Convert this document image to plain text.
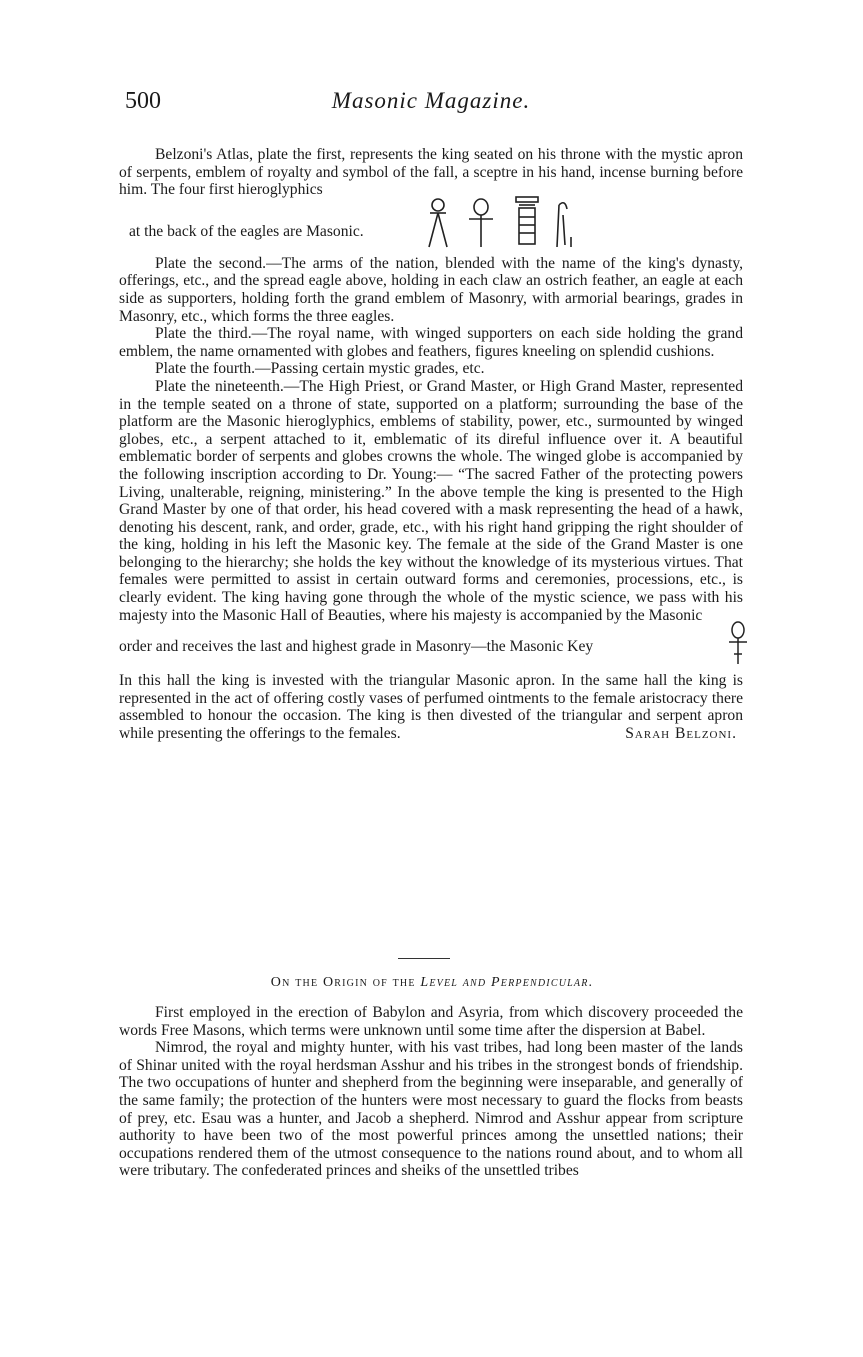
500	Masonic Magazine.

Belzoni's Atlas, plate the first, represents the king seated on his throne with the mystic apron of serpents, emblem of royalty and symbol of the fall, a sceptre in his hand, incense burning before him. The four first hieroglyphics

at the back of the eagles are Masonic.

Plate the second.—The arms of the nation, blended with the name of the king's dynasty, offerings, etc., and the spread eagle above, holding in each claw an ostrich feather, an eagle at each side as supporters, holding forth the grand emblem of Masonry, with armorial bearings, grades in Masonry, etc., which forms the three eagles.

Plate the third.—The royal name, with winged supporters on each side holding the grand emblem, the name ornamented with globes and feathers, figures kneeling on splendid cushions.

Plate the fourth.—Passing certain mystic grades, etc.

Plate the nineteenth.—The High Priest, or Grand Master, or High Grand Master, represented in the temple seated on a throne of state, supported on a platform; surrounding the base of the platform are the Masonic hieroglyphics, emblems of stability, power, etc., surmounted by winged globes, etc., a serpent attached to it, emblematic of its direful influence over it. A beautiful emblematic border of serpents and globes crowns the whole. The winged globe is accompanied by the following inscription according to Dr. Young:— “The sacred Father of the protecting powers Living, unalterable, reigning, ministering.” In the above temple the king is presented to the High Grand Master by one of that order, his head covered with a mask representing the head of a hawk, denoting his descent, rank, and order, grade, etc., with his right hand gripping the right shoulder of the king, holding in his left the Masonic key. The female at the side of the Grand Master is one belonging to the hierarchy; she holds the key without the knowledge of its mysterious virtues. That females were permitted to assist in certain outward forms and ceremonies, processions, etc., is clearly evident. The king having gone through the whole of the mystic science, we pass with his majesty into the Masonic Hall of Beauties, where his majesty is accompanied by the Masonic

order and receives the last and highest grade in Masonry—the Masonic Key

In this hall the king is invested with the triangular Masonic apron. In the same hall the king is represented in the act of offering costly vases of perfumed ointments to the female aristocracy there assembled to honour the occasion. The king is then divested of the triangular and serpent apron while presenting the offerings to the females.	Sarah Belzoni.

On the Origin of the Level and Perpendicular.

First employed in the erection of Babylon and Asyria, from which discovery proceeded the words Free Masons, which terms were unknown until some time after the dispersion at Babel.

Nimrod, the royal and mighty hunter, with his vast tribes, had long been master of the lands of Shinar united with the royal herdsman Asshur and his tribes in the strongest bonds of friendship. The two occupations of hunter and shepherd from the beginning were inseparable, and generally of the same family; the protection of the hunters were most necessary to guard the flocks from beasts of prey, etc. Esau was a hunter, and Jacob a shepherd. Nimrod and Asshur appear from scripture authority to have been two of the most powerful princes among the unsettled nations; their occupations rendered them of the utmost consequence to the nations round about, and to whom all were tributary. The confederated princes and sheiks of the unsettled tribes
